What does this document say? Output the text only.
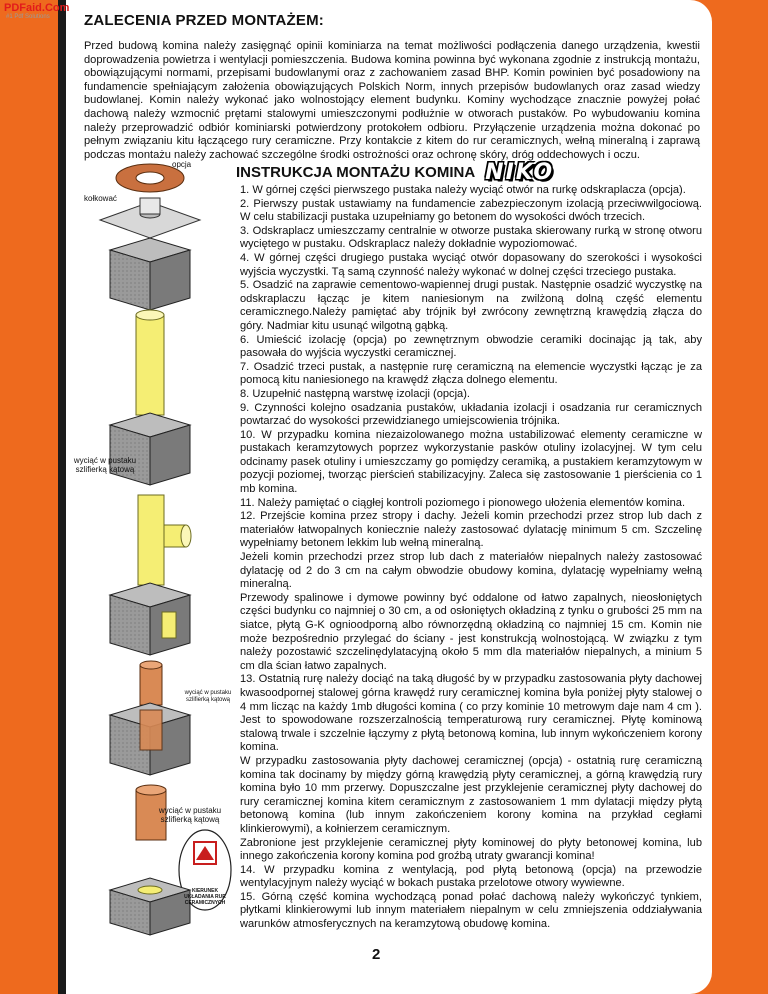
PDFaid.Com
#1 Pdf Solutions ZALECENIA PRZED MONTAŻEM:
Przed budową komina należy zasięgnąć opinii kominiarza na temat możliwości podłączenia danego urządzenia, kwestii doprowadzenia powietrza i wentylacji pomieszczenia. Budowa komina powinna być wykonana zgodnie z instrukcją montażu, obowiązującymi normami, przepisami budowlanymi oraz z zachowaniem zasad BHP. Komin powinien być posadowiony na fundamencie spełniającym założenia obowiązujących Polskich Norm, innych przepisów budowlanych oraz zasad wiedzy budowlanej. Komin należy wykonać jako wolnostojący element budynku. Kominy wychodzące znacznie powyżej połać dachową należy wzmocnić prętami stalowymi umieszczonymi podłużnie w otworach pustaków. Po wybudowaniu komina należy przeprowadzić odbiór kominiarski potwierdzony protokołem odbioru. Przyłączenie urządzenia można dokonać po pełnym związaniu kitu łączącego rury ceramiczne. Przy kontakcie z kitem do rur ceramicznych, wełną mineralną i zaprawą podczas montażu należy zachować szczególne środki ostrożności oraz ochronę skóry, dróg oddechowych i oczu.
INSTRUKCJA MONTAŻU KOMINA NIKO

1. W górnej części pierwszego pustaka należy wyciąć otwór na rurkę odskraplacza (opcja).

2. Pierwszy pustak ustawiamy na fundamencie zabezpieczonym izolacją przeciwwilgociową. W celu stabilizacji pustaka uzupełniamy go betonem do wysokości dwóch trzecich.

3. Odskraplacz umieszczamy centralnie w otworze pustaka skierowany rurką w stronę otworu wyciętego w pustaku. Odskraplacz należy dokładnie wypoziomować.

4. W górnej części drugiego pustaka wyciąć otwór dopasowany do szerokości i wysokości wyjścia wyczystki. Tą samą czynność należy wykonać w dolnej części trzeciego pustaka.

5. Osadzić na zaprawie cementowo-wapiennej drugi pustak. Następnie osadzić wyczystkę na odskraplaczu łącząc je kitem naniesionym na zwilżoną dolną część elementu ceramicznego.Należy pamiętać aby trójnik był zwrócony zewnętrzną krawędzią złącza do góry. Nadmiar kitu usunąć wilgotną gąbką.

6. Umieścić izolację (opcja) po zewnętrznym obwodzie ceramiki docinając ją tak, aby pasowała do wyjścia wyczystki ceramicznej.

7. Osadzić trzeci pustak, a następnie rurę ceramiczną na elemencie wyczystki łącząc je za pomocą kitu naniesionego na krawędź złącza dolnego elementu.

8. Uzupełnić następną warstwę izolacji (opcja).

9. Czynności kolejno osadzania pustaków, układania izolacji i osadzania rur ceramicznych powtarzać do wysokości przewidzianego umiejscowienia trójnika.

10. W przypadku komina niezaizolowanego można ustabilizować elementy ceramiczne w pustakach keramzytowych poprzez wykorzystanie pasków otuliny izolacyjnej. W tym celu odcinamy pasek otuliny i umieszczamy go pomiędzy ceramiką, a pustakiem keramzytowym w pozycji poziomej, tworząc pierścień stabilizacyjny. Zaleca się zastosowanie 1 pierścienia co 1 mb komina.

11. Należy pamiętać o ciągłej kontroli poziomego i pionowego ułożenia elementów komina.

12. Przejście komina przez stropy i dachy. Jeżeli komin przechodzi przez strop lub dach z materiałów łatwopalnych koniecznie należy zastosować dylatację minimum 5 cm. Szczelinę wypełniamy betonem lekkim lub wełną mineralną.

Jeżeli komin przechodzi przez strop lub dach z materiałów niepalnych należy zastosować dylatację od 2 do 3 cm na całym obwodzie obudowy komina, dylatację wypełniamy wełną mineralną.

Przewody spalinowe i dymowe powinny być oddalone od łatwo zapalnych, nieosłoniętych części budynku co najmniej o 30 cm, a od osłoniętych okładziną z tynku o grubości 25 mm na siatce, płytą G-K ognioodporną albo równorzędną okładziną co najmniej 15 cm. Komin nie może bezpośrednio przylegać do ściany - jest konstrukcją wolnostojącą. W związku z tym należy pozostawić szczelinędylatacyjną około 5 mm dla materiałów niepalnych, a minium 5 cm dla ścian łatwo zapalnych.

13. Ostatnią rurę należy dociąć na taką długość by w przypadku zastosowania płyty dachowej kwasoodpornej stalowej górna krawędź rury ceramicznej komina była poniżej płyty stalowej o 4 mm licząc na każdy 1mb długości komina ( co przy kominie 10 metrowym daje nam 4 cm ). Jest to spowodowane rozszerzalnością temperaturową rury ceramicznej. Płytę kominową stalową trwale i szczelnie łączymy z płytą betonową komina, lub innym wykończeniem korony komina.

W przypadku zastosowania płyty dachowej ceramicznej (opcja) - ostatnią rurę ceramiczną komina tak docinamy by między górną krawędzią płyty ceramicznej, a górną krawędzią rury komina było 10 mm przerwy. Dopuszczalne jest przyklejenie ceramicznej płyty dachowej do rury ceramicznej komina kitem ceramicznym z zastosowaniem 1 mm dylatacji między płytą betonową komina (lub innym zakończeniem korony komina na przykład cegłami klinkierowymi), a kołnierzem ceramicznym.

Zabronione jest przyklejenie ceramicznej płyty kominowej do płyty betonowej komina, lub innego zakończenia korony komina pod groźbą utraty gwarancji komina!

14. W przypadku komina z wentylacją, pod płytą betonową (opcja) na przewodzie wentylacyjnym należy wyciąć w bokach pustaka przelotowe otwory wywiewne.

15. Górną część komina wychodzącą ponad połać dachową należy wykończyć tynkiem, płytkami klinkierowymi lub innym materiałem niepalnym w celu zmniejszenia oddziaływania warunków atmosferycznych na keramzytową obudowę komina.

2
opcja
kołkować
wyciąć w pustaku szlifierką kątową
wyciąć w pustaku szlifierką kątową
wyciąć w pustaku szlifierką kątową
KIERUNEK UKŁADANIA RUR CERAMICZNYCH
